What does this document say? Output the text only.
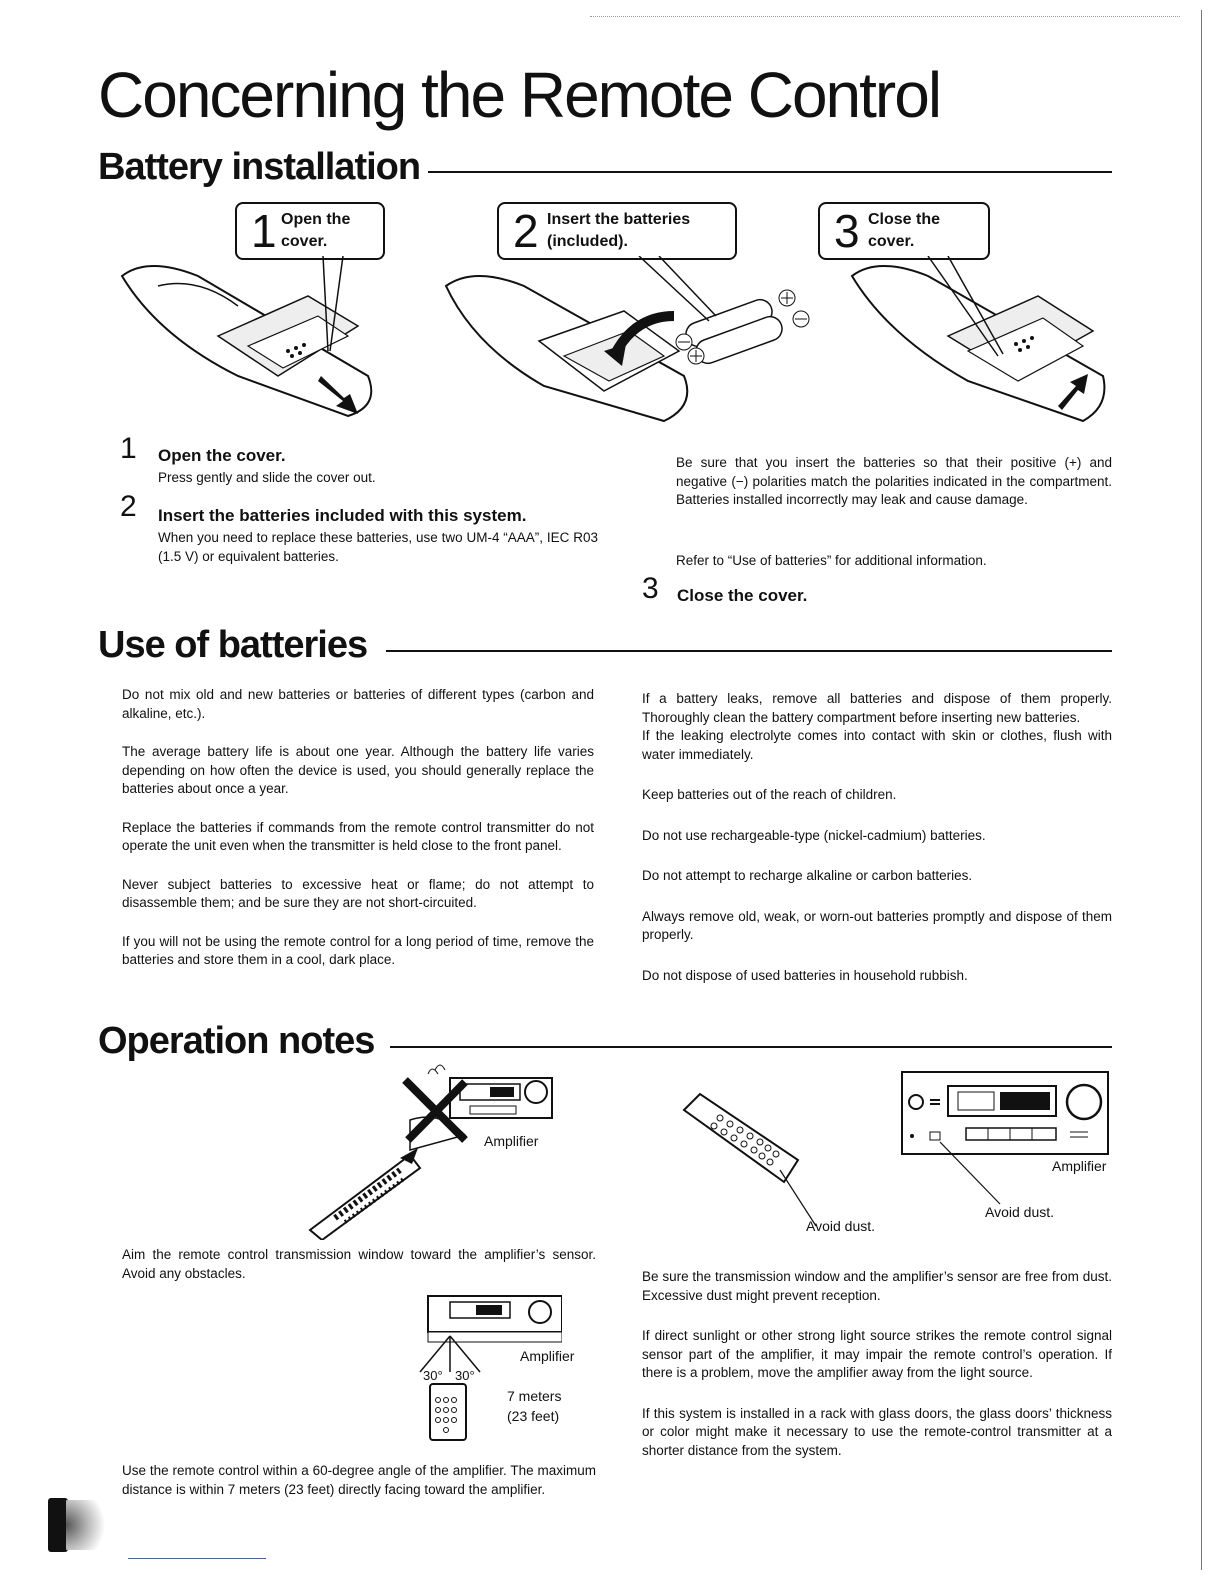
Concerning the Remote Control
Battery installation
1 Open the
cover.	2 Insert the batteries
(included).	3 Close the
cover.
1 Open the cover.
Press gently and slide the cover out.
2 Insert the batteries included with this system.
When you need to replace these batteries, use two UM-4 “AAA”, IEC R03 (1.5 V) or equivalent batteries.
Be sure that you insert the batteries so that their positive (+) and negative (−) polarities match the polarities indicated in the compartment. Batteries installed incorrectly may leak and cause damage.
Refer to “Use of batteries” for additional information.
3 Close the cover.
Use of batteries

Do not mix old and new batteries or batteries of different types (carbon and alkaline, etc.).

The average battery life is about one year. Although the battery life varies depending on how often the device is used, you should generally replace the batteries about once a year.

Replace the batteries if commands from the remote control transmitter do not operate the unit even when the transmitter is held close to the front panel.

Never subject batteries to excessive heat or flame; do not attempt to disassemble them; and be sure they are not short-circuited.

If you will not be using the remote control for a long period of time, remove the batteries and store them in a cool, dark place.

If a battery leaks, remove all batteries and dispose of them properly. Thoroughly clean the battery compartment before inserting new batteries.

If the leaking electrolyte comes into contact with skin or clothes, flush with water immediately.

Keep batteries out of the reach of children.

Do not use rechargeable-type (nickel-cadmium) batteries.

Do not attempt to recharge alkaline or carbon batteries.

Always remove old, weak, or worn-out batteries promptly and dispose of them properly.

Do not dispose of used batteries in household rubbish.

Operation notes
Amplifier
Aim the remote control transmission window toward the amplifier’s sensor. Avoid any obstacles.
Amplifier
30° 30°
7 meters
(23 feet)
Use the remote control within a 60-degree angle of the amplifier. The maximum distance is within 7 meters (23 feet) directly facing toward the amplifier.
Avoid dust.
Amplifier
Avoid dust.

Be sure the transmission window and the amplifier’s sensor are free from dust. Excessive dust might prevent reception.

If direct sunlight or other strong light source strikes the remote control signal sensor part of the amplifier, it may impair the remote control’s operation. If there is a problem, move the amplifier away from the light source.

If this system is installed in a rack with glass doors, the glass doors’ thickness or color might make it necessary to use the remote-control transmitter at a shorter distance from the system.
